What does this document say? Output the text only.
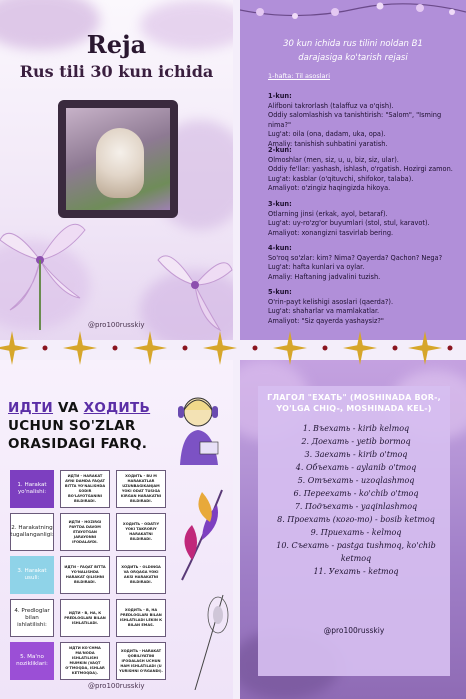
Reja
Rus tili 30 kun ichida
@pro100russkiy
30 kun ichida rus tilini noldan B1
darajasiga ko'tarish rejasi
1-hafta: Til asoslari
1-kun:
Alifboni takrorlash (talaffuz va o'qish).
Oddiy salomlashish va tanishtirish: "Salom", "Isming nima?"
Lug'at: oila (ona, dadam, uka, opa).
Amaliy: tanishish suhbatini yaratish.
2-kun:
Olmoshlar (men, siz, u, u, biz, siz, ular).
Oddiy fe'llar: yashash, ishlash, o'rgatish. Hozirgi zamon.
Lug'at: kasblar (o'qituvchi, shifokor, talaba).
Amaliyot: o'zingiz haqingizda hikoya.
3-kun:
Otlarning jinsi (erkak, ayol, betaraf).
Lug'at: uy-ro'zg'or buyumlari (stol, stul, karavot).
Amaliyot: xonangizni tasvirlab bering.
4-kun:
So'roq so'zlar: kim? Nima? Qayerda? Qachon? Nega?
Lug'at: hafta kunlari va oylar.
Amaliy: Haftaning jadvalini tuzish.
5-kun:
O'rin-payt kelishigi asoslari (qaerda?).
Lug'at: shaharlar va mamlakatlar.
Amaliyot: "Siz qayerda yashaysiz?"
ИДТИ VA ХОДИТЬ
UCHUN SO'ZLAR
ORASIDAGI FARQ.
1. Harakat yo'nalishi:
ИДТИ - HARAKAT AYNI DAMDA FAQAT BITTA YO'NALISHDA SODIR BO'LAYOTGANINI BILDIRADI.
ХОДИТЬ - BU M HARAKATLAR UZUNBAGIKANJAM YOKI ODAT TUSIGA KIRGAN HARAKATNI BILDIRADI.
2. Harakatning tugallanganligi:
ИДТИ - HOZIRGI PAYTDA DAVOM ETAYOTGAN JARAYONNI IFODALAYDI.
ХОДИТЬ - ODATIY YOKI TAKRORIY HARAKATNI BILDIRADI.
3. Harakat usuli:
ИДТИ - FAQAT BITTA YO'NALISHDA HARAKAT QILISHNI BILDIRADI.
ХОДИТЬ - OLDINGA VA ORQAGA YOKI AKSI HARAKATNI BILDIRADI.
4. Predloglar bilan ishlatilishi:
ИДТИ - В, НА, К PREDLOGLARI BILAN ISHLATILADI.
ХОДИТЬ - В, НА PREDLOGLARI BILAN ISHLATILADI LEKIN К BILAN EMAS.
5. Ma'no nozikliklari:
ИДТИ KO'CHMA MA'NODA ISHLATILISHI MUMKIN (VAQT O'TMOQDA, ISHLAR KETMOQDA).
ХОДИТЬ - HARAKAT QOBILIYATINI IFODALASH UCHUN HAM ISHLATILADI (U YURISHNI O'RGANDI).
@pro100russkiy
ГЛАГОЛ "ЕХАТЬ" (MOSHINADA BOR-,
YO'LGA CHIQ-, MOSHINADA KEL-)
1. Въехать - kirib kelmoq
2. Доехать - yetib bormoq
3. Заехать - kirib o'tmoq
4. Объехать - aylanib o'tmoq
5. Отъехать - uzoqlashmoq
6. Переехать - ko'chib o'tmoq
7. Подъехать - yaqinlashmoq
8. Проехать (кого-то) - bosib ketmoq
9. Приехать - kelmoq
10. Съехать - pastga tushmoq, ko'chib ketmoq
11. Уехать - ketmoq
@pro100russkiy
